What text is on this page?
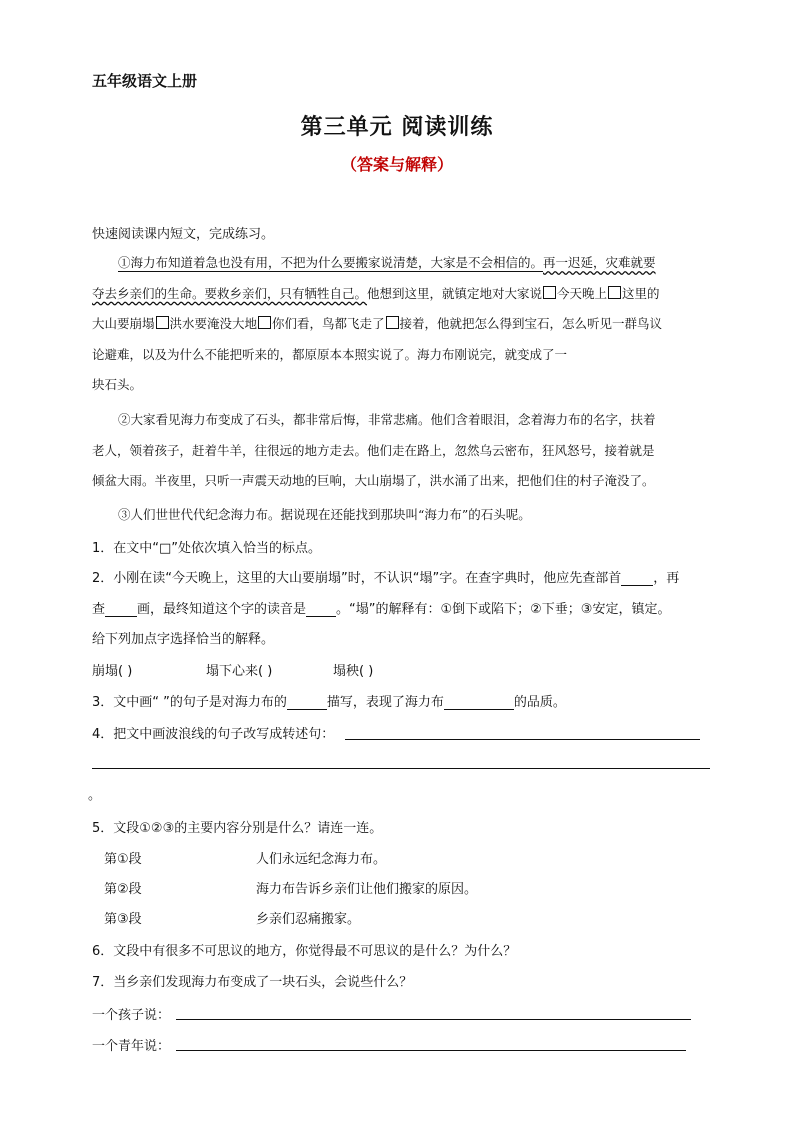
五年级语文上册
第三单元 阅读训练
（答案与解释）
快速阅读课内短文，完成练习。
①海力布知道着急也没有用，不把为什么要搬家说清楚，大家是不会相信的。再一迟延，灾难就要
夺去乡亲们的生命。要救乡亲们，只有牺牲自己。他想到这里，就镇定地对大家说 今天晚上 这里的
大山要崩塌 洪水要淹没大地 你们看，鸟都飞走了 接着，他就把怎么得到宝石，怎么听见一群鸟议
论避难，以及为什么不能把听来的，都原原本本照实说了。海力布刚说完，就变成了一
块石头。
②大家看见海力布变成了石头，都非常后悔，非常悲痛。他们含着眼泪，念着海力布的名字，扶着
老人，领着孩子，赶着牛羊，往很远的地方走去。他们走在路上，忽然乌云密布，狂风怒号，接着就是
倾盆大雨。半夜里，只听一声震天动地的巨响，大山崩塌了，洪水涌了出来，把他们住的村子淹没了。
③人们世世代代纪念海力布。据说现在还能找到那块叫“海力布”的石头呢。
1．在文中“□”处依次填入恰当的标点。
2．小刚在读“今天晚上，这里的大山要崩塌”时，不认识“塌”字。在查字典时，他应先查部首 ，再
查 画，最终知道这个字的读音是 。“塌”的解释有：①倒下或陷下；②下垂；③安定，镇定。
给下列加点字选择恰当的解释。
崩塌( )	塌下心来( )	塌秧( )
3．文中画“ ”的句子是对海力布的	描写，表现了海力布	的品质。
4．把文中画波浪线的句子改写成转述句：
。
5．文段①②③的主要内容分别是什么？请连一连。
第①段
第②段
第③段
人们永远纪念海力布。
海力布告诉乡亲们让他们搬家的原因。
乡亲们忍痛搬家。
6．文段中有很多不可思议的地方，你觉得最不可思议的是什么？为什么？
7．当乡亲们发现海力布变成了一块石头，会说些什么？
一个孩子说：
一个青年说：
